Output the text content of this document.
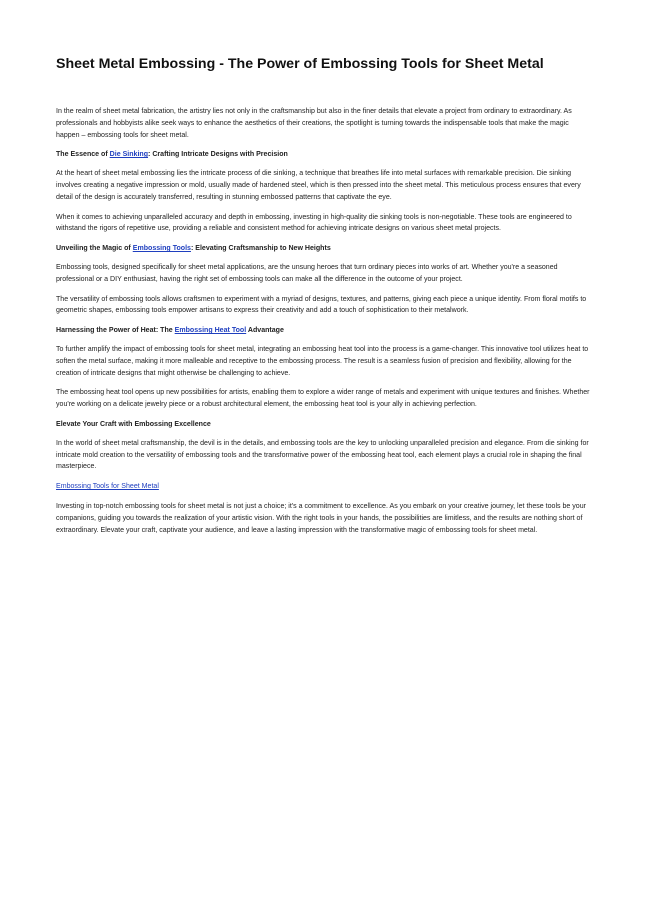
Sheet Metal Embossing - The Power of Embossing Tools for Sheet Metal

In the realm of sheet metal fabrication, the artistry lies not only in the craftsmanship but also in the finer details that elevate a project from ordinary to extraordinary. As professionals and hobbyists alike seek ways to enhance the aesthetics of their creations, the spotlight is turning towards the indispensable tools that make the magic happen – embossing tools for sheet metal.

The Essence of Die Sinking: Crafting Intricate Designs with Precision

At the heart of sheet metal embossing lies the intricate process of die sinking, a technique that breathes life into metal surfaces with remarkable precision. Die sinking involves creating a negative impression or mold, usually made of hardened steel, which is then pressed into the sheet metal. This meticulous process ensures that every detail of the design is accurately transferred, resulting in stunning embossed patterns that captivate the eye.

When it comes to achieving unparalleled accuracy and depth in embossing, investing in high-quality die sinking tools is non-negotiable. These tools are engineered to withstand the rigors of repetitive use, providing a reliable and consistent method for achieving intricate designs on various sheet metal projects.

Unveiling the Magic of Embossing Tools: Elevating Craftsmanship to New Heights

Embossing tools, designed specifically for sheet metal applications, are the unsung heroes that turn ordinary pieces into works of art. Whether you're a seasoned professional or a DIY enthusiast, having the right set of embossing tools can make all the difference in the outcome of your project.

The versatility of embossing tools allows craftsmen to experiment with a myriad of designs, textures, and patterns, giving each piece a unique identity. From floral motifs to geometric shapes, embossing tools empower artisans to express their creativity and add a touch of sophistication to their metalwork.

Harnessing the Power of Heat: The Embossing Heat Tool Advantage

To further amplify the impact of embossing tools for sheet metal, integrating an embossing heat tool into the process is a game-changer. This innovative tool utilizes heat to soften the metal surface, making it more malleable and receptive to the embossing process. The result is a seamless fusion of precision and flexibility, allowing for the creation of intricate designs that might otherwise be challenging to achieve.

The embossing heat tool opens up new possibilities for artists, enabling them to explore a wider range of metals and experiment with unique textures and finishes. Whether you're working on a delicate jewelry piece or a robust architectural element, the embossing heat tool is your ally in achieving perfection.

Elevate Your Craft with Embossing Excellence

In the world of sheet metal craftsmanship, the devil is in the details, and embossing tools are the key to unlocking unparalleled precision and elegance. From die sinking for intricate mold creation to the versatility of embossing tools and the transformative power of the embossing heat tool, each element plays a crucial role in shaping the final masterpiece.

Embossing Tools for Sheet Metal

Investing in top-notch embossing tools for sheet metal is not just a choice; it's a commitment to excellence. As you embark on your creative journey, let these tools be your companions, guiding you towards the realization of your artistic vision. With the right tools in your hands, the possibilities are limitless, and the results are nothing short of extraordinary. Elevate your craft, captivate your audience, and leave a lasting impression with the transformative magic of embossing tools for sheet metal.
